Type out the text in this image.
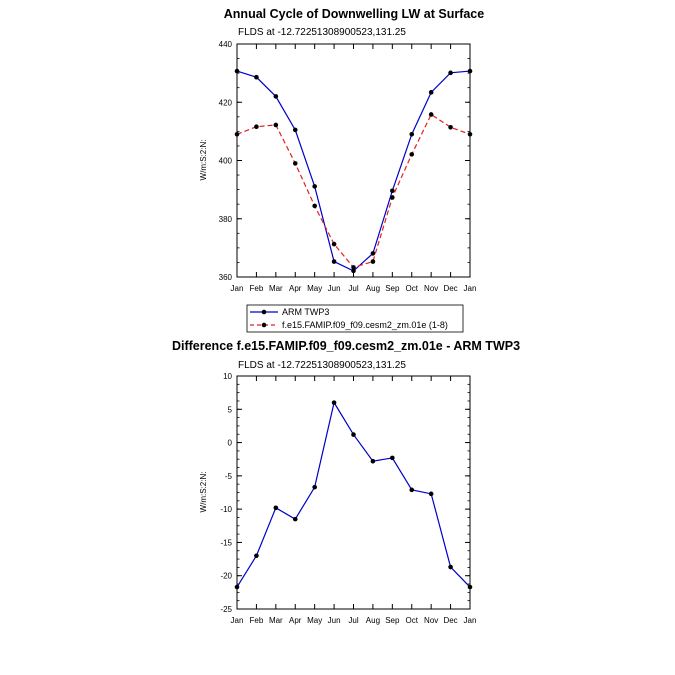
Annual Cycle of Downwelling LW at Surface
FLDS at -12.72251308900523,131.25
W/m:S:2:N:
Jan Feb Mar Apr May Jun Jul Aug Sep Oct Nov Dec Jan
360
380
400
420
440
ARM TWP3
f.e15.FAMIP.f09_f09.cesm2_zm.01e (1-8)
Difference f.e15.FAMIP.f09_f09.cesm2_zm.01e - ARM TWP3
FLDS at -12.72251308900523,131.25
W/m:S:2:N:
Jan Feb Mar Apr May Jun Jul Aug Sep Oct Nov Dec Jan
-25
-20
-15
-10
-5
0
5
10
